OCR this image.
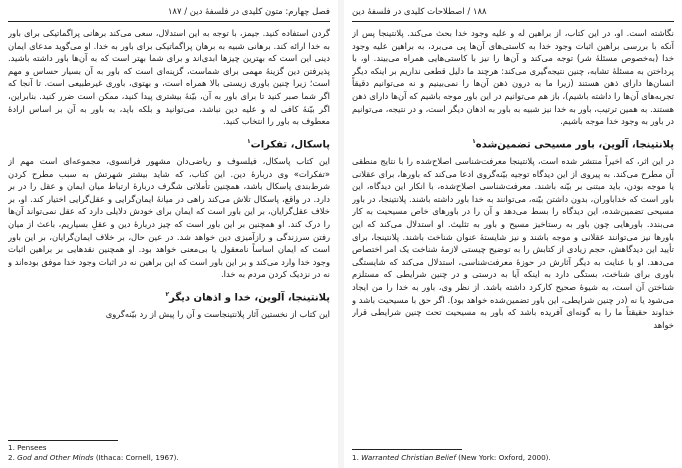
فصل چهارم: متون کلیدی در فلسفهٔ دین / ۱۸۷

گردن استفاده کنید. جیمز، با توجه به این استدلال، سعی می‌کند برهانی پراگماتیکی برای باور به خدا ارائه کند. برهانی شبیه به برهان پراگماتیکی برای باور به خدا. او می‌گوید مدعای ایمان دینی این است که بهترین چیزها ابدی‌اند و برای شما بهتر است که به آن‌ها باور داشته باشید. پذیرفتن دین گزینهٔ مهمی برای شماست، گزینه‌ای است که باور به آن بسیار حساس و مهم است؛ زیرا چنین باوری زیستی بالا همراه است، و بهتوی، باوری غیرطبیعی است. تا آنجا که اگر شما صبر کنید تا برای باور به آن، بیّنهٔ بیشتری پیدا کنید، ممکن است ضرر کنید. بنابراین، اگر بیّنهٔ کافی له و علیه دین نباشد، می‌توانید و بلکه باید، به باور به آن بر اساس ارادهٔ معطوف به باور را انتخاب کنید.

پاسکال، تفکرات$^۱$

این کتاب پاسکال، فیلسوف و ریاضی‌دان مشهور فرانسوی، مجموعه‌ای است مهم از «تفکرات» وی دربارهٔ دین. این کتاب، که شاید بیشتر شهرتش به سبب مطرح کردن شرط‌بندی پاسکال باشد، همچنین تأملاتی شگرف دربارهٔ ارتباط میان ایمان و عقل را در بر دارد. در واقع، پاسکال تلاش می‌کند راهی در میانهٔ ایمان‌گرایی و عقل‌گرایی اختیار کند. او، بر خلاف عقل‌گرایان، بر این باور است که ایمان برای خودش دلایلی دارد که عقل نمی‌تواند آن‌ها را درک کند. او همچنین بر این باور است که چیز دربارهٔ دین و عقلِ بسیاریم، باعث از میان رفتن سرزندگی و رازآمیزی دین خواهد شد. در عین حال، بر خلاف ایمان‌گرایان، بر این باور است که ایمان اساساً نامعقول یا بی‌معنی خواهد بود. او همچنین نقدهایی بر براهین اثبات وجود خدا وارد می‌کند و بر این باور است که این براهین نه در اثبات وجود خدا موفق بوده‌اند و نه در نزدیک کردن مردم به خدا.

پلانتینجا، آلوین، خدا و اذهان دیگر$^۲$

این کتاب از نخستین آثار پلانتینجاست و آن را پیش از رد بیّنه‌گروی

1. Pensees

2. God and Other Minds (Ithaca: Cornell, 1967).

۱۸۸ / اصطلاحات کلیدی در فلسفهٔ دین

نگاشته است. او، در این کتاب، از براهین له و علیه وجود خدا بحث می‌کند. پلانتینجا پس از آنکه با بررسی براهین اثبات وجود خدا به کاستی‌های آن‌ها پی می‌برد، به براهین علیه وجود خدا (به‌خصوص مسئلهٔ شر) توجه می‌کند و آن‌ها را نیز با کاستی‌هایی همراه می‌بیند. او، با پرداختن به مسئلهٔ تشابه، چنین نتیجه‌گیری می‌کند: هرچند ما دلیل قطعی نداریم بر اینکه دیگر انسان‌ها دارای ذهن هستند (زیرا ما به درون ذهن آن‌ها را نمی‌بینیم و نه می‌توانیم دقیقاً تجربه‌های آن‌ها را داشته باشیم)، باز هم می‌توانیم در این باور موجه باشیم که آن‌ها دارای ذهن هستند. به همین ترتیب، باور به خدا نیز شبیه به باور به اذهان دیگر است، و در نتیجه، می‌توانیم در باور به وجود خدا موجه باشیم.

پلانتینجا، آلوین، باور مسیحی تضمین‌شده$^۱$

در این اثر، که اخیراً منتشر شده است، پلانتینجا معرفت‌شناسی اصلاح‌شده را با نتایج منطقی آن مطرح می‌کند. به پیروی از این دیدگاه توجیه بیّنه‌گروی ادعا می‌کند که باورها، برای عقلانی یا موجه بودن، باید مبتنی بر بیّنه باشند. معرفت‌شناسی اصلاح‌شده، با انکار این دیدگاه، این باور است که خداباوران، بدون داشتن بیّنه، می‌توانند به خدا باور داشته باشند. پلانتینجا، در باور مسیحی تضمین‌شده، این دیدگاه را بسط می‌دهد و آن را در باورهای خاص مسیحیت به کار می‌بندد. باورهایی چون باور به رستاخیز مسیح و باور به تثلیث. او استدلال می‌کند که این باورها نیز می‌توانند عقلانی و موجه باشند و نیز شایستهٔ عنوان شناخت باشند. پلانتینجا، برای تأیید این دیدگاهش، حجم زیادی از کتابش را به توضیح چیستی لازمهٔ شناخت یک امر اختصاص می‌دهد. او با عنایت به دیگر آثارش در حوزهٔ معرفت‌شناسی، استدلال می‌کند که شایستگی باوری برای شناخت، بستگی دارد به اینکه آیا به درستی و در چنین شرایطی که مستلزم شناختن آن است، به شیوهٔ صحیح کارکرد داشته باشد. از نظر وی، باور به خدا را من ایجاد می‌شود یا نه (در چنین شرایطی، این باور تضمین‌شده خواهد بود). اگر حق با مسیحیت باشد و خداوند حقیقتاً ما را به گونه‌ای آفریده باشد که باور به مسیحیت تحت چنین شرایطی قرار خواهد

1. Warranted Christian Belief (New York: Oxford, 2000).
